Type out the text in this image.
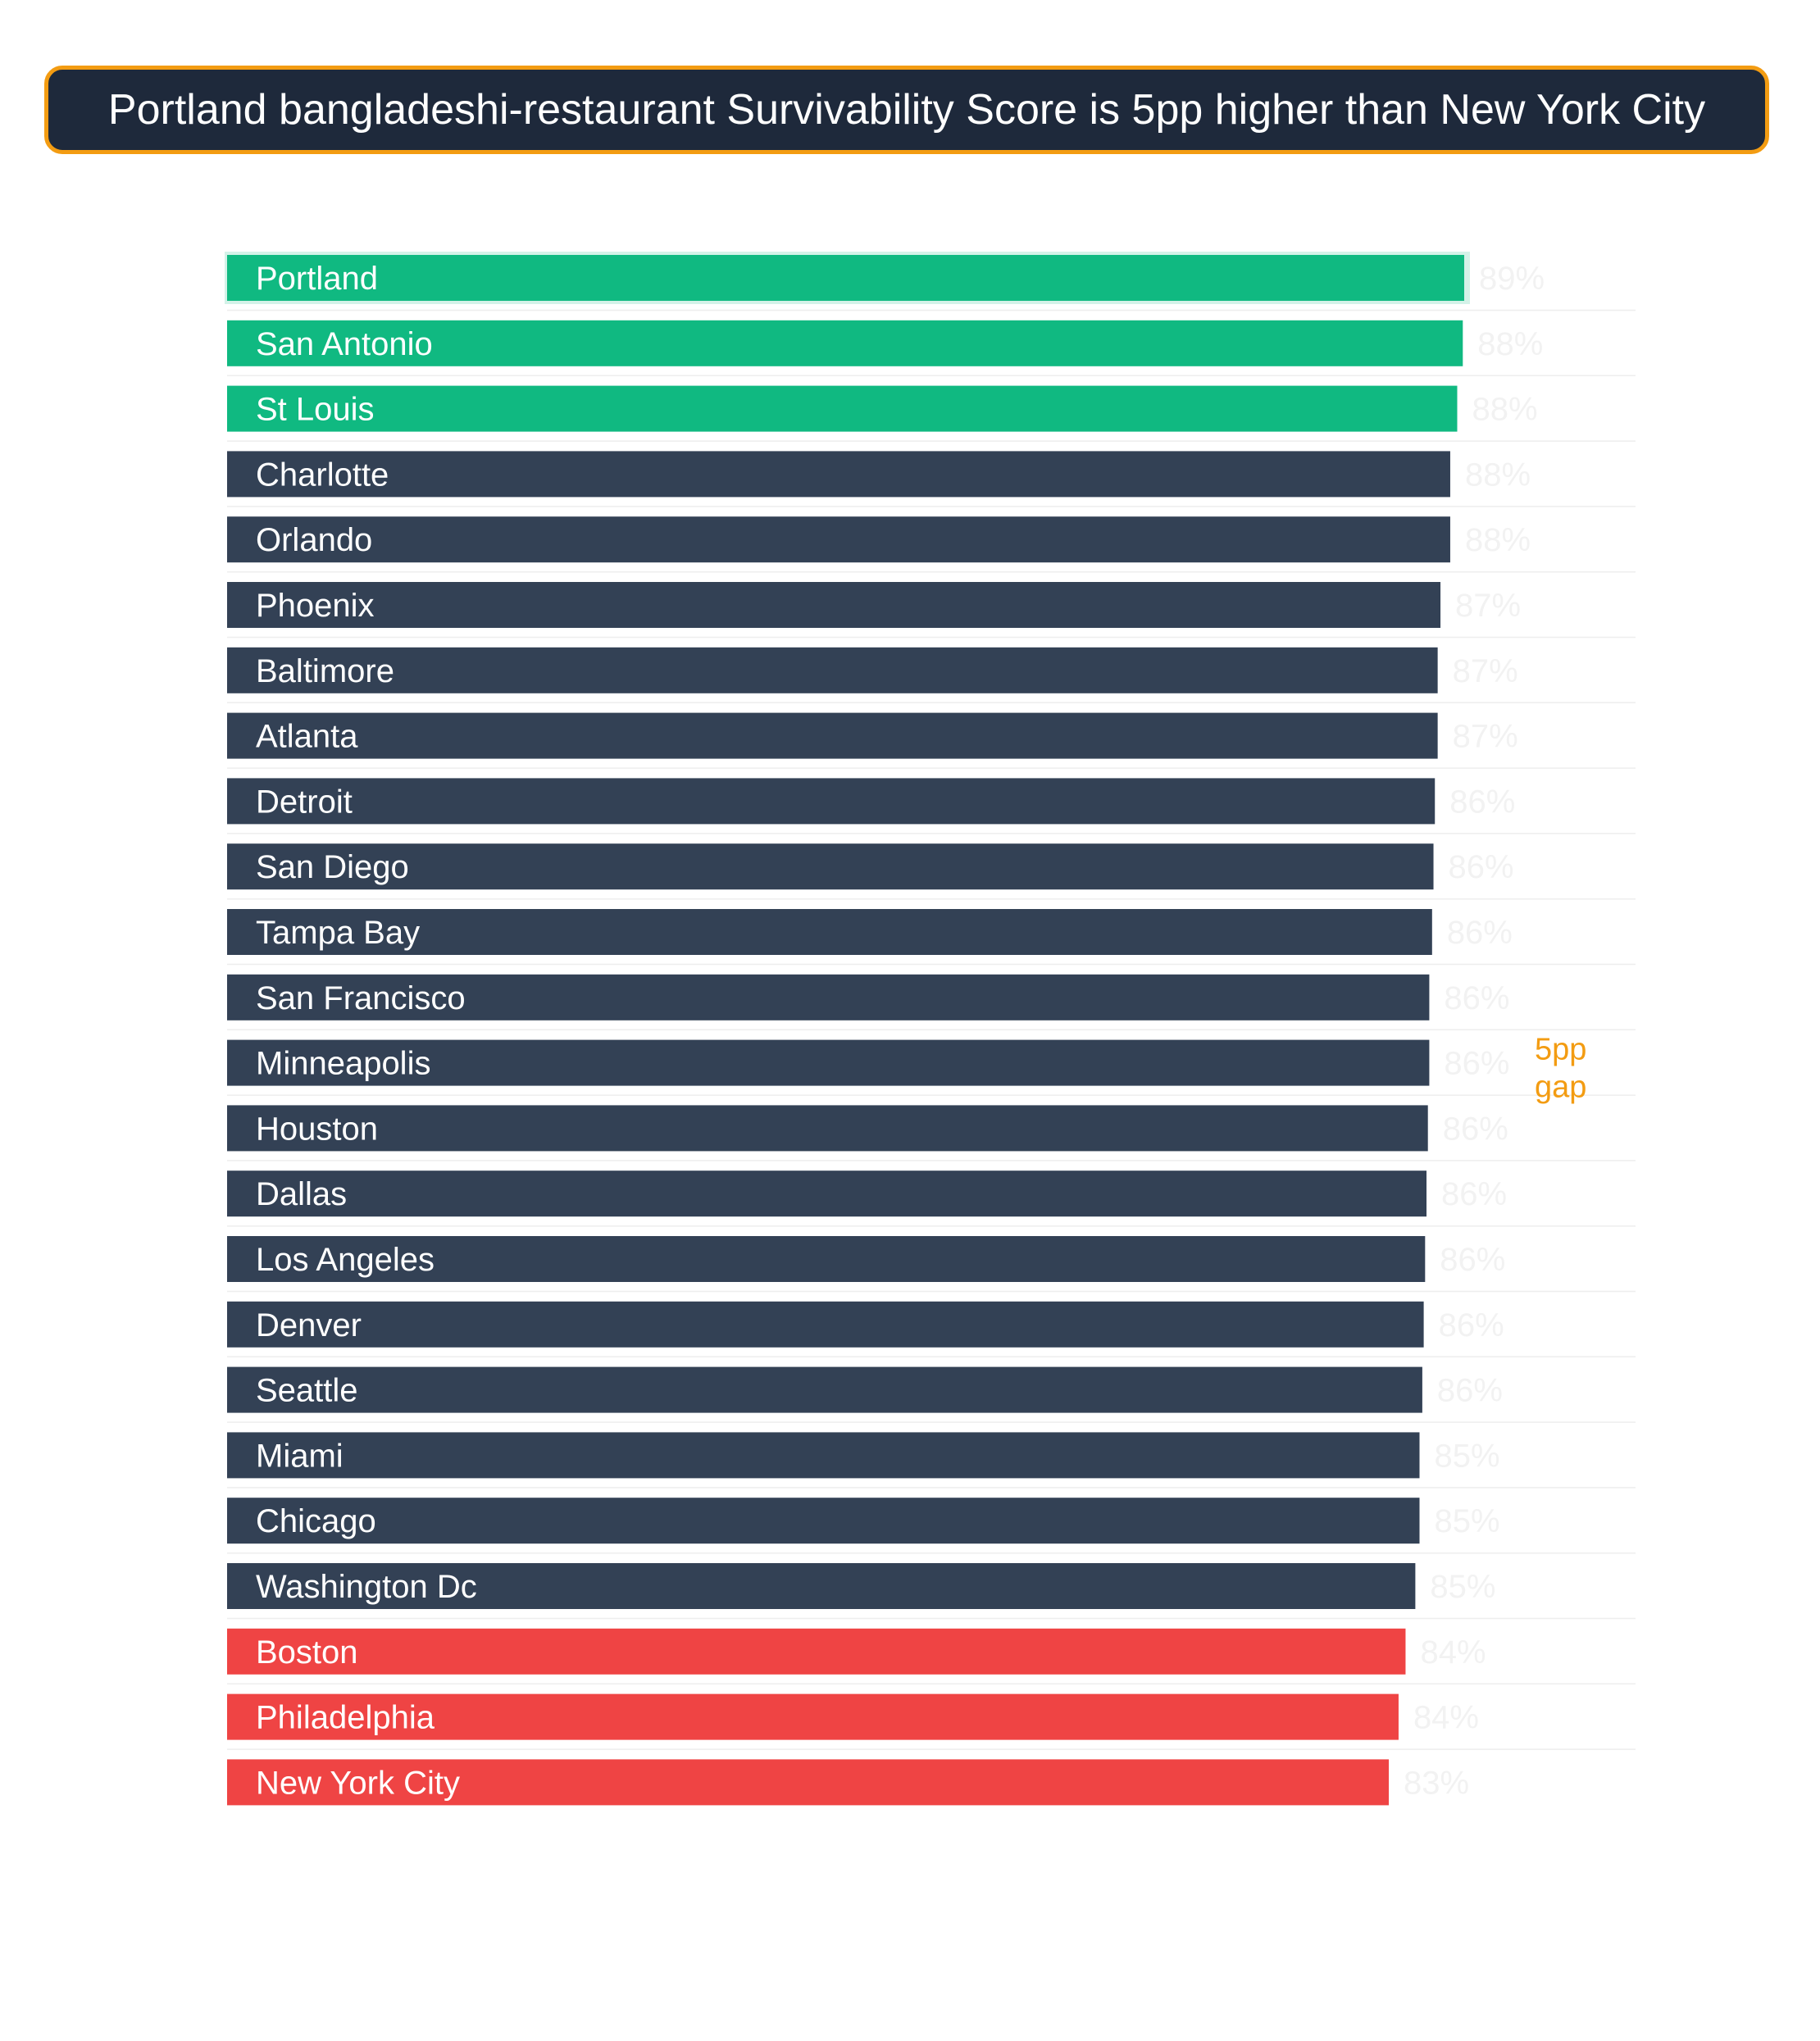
Portland bangladeshi-restaurant Survivability Score is 5pp higher than New York City
Portland	89%
San Antonio	88%
St Louis	88%
Charlotte	88%
Orlando	88%
Phoenix	87%
Baltimore	87%
Atlanta	87%
Detroit	86%
San Diego	86%
Tampa Bay	86%
San Francisco	86%
Minneapolis	86%
Houston	86%
Dallas	86%
Los Angeles	86%
Denver	86%
Seattle	86%
Miami	85%
Chicago	85%
Washington Dc	85%
Boston	84%
Philadelphia	84%
New York City	83%
5pp
gap
